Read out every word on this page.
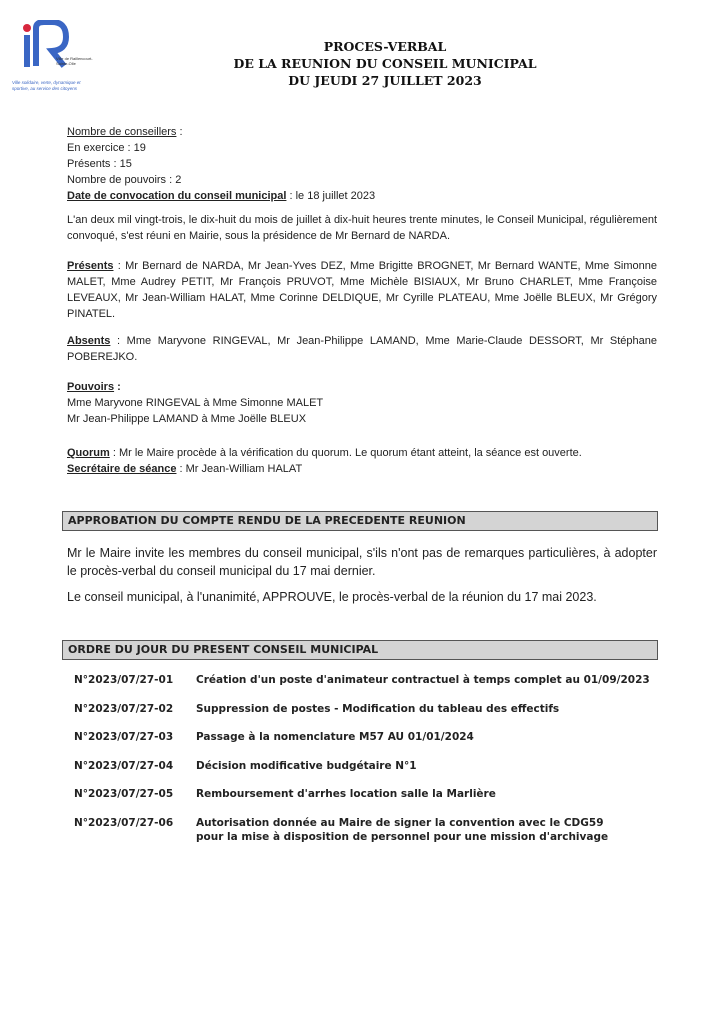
Ville de Raillencourt-Sainte-Olle
Ville solidaire, verte, dynamique et sportive, au service des citoyens
PROCES-VERBAL
DE LA REUNION DU CONSEIL MUNICIPAL
DU JEUDI 27 JUILLET 2023
Nombre de conseillers :
En exercice : 19
Présents : 15
Nombre de pouvoirs : 2
Date de convocation du conseil municipal : le 18 juillet 2023
L'an deux mil vingt-trois, le dix-huit du mois de juillet à dix-huit heures trente minutes, le Conseil Municipal, régulièrement convoqué, s'est réuni en Mairie, sous la présidence de Mr Bernard de NARDA.
Présents : Mr Bernard de NARDA, Mr Jean-Yves DEZ, Mme Brigitte BROGNET, Mr Bernard WANTE, Mme Simonne MALET, Mme Audrey PETIT, Mr François PRUVOT, Mme Michèle BISIAUX, Mr Bruno CHARLET, Mme Françoise LEVEAUX, Mr Jean-William HALAT, Mme Corinne DELDIQUE, Mr Cyrille PLATEAU, Mme Joëlle BLEUX, Mr Grégory PINATEL.
Absents : Mme Maryvone RINGEVAL, Mr Jean-Philippe LAMAND, Mme Marie-Claude DESSORT, Mr Stéphane POBEREJKO.
Pouvoirs :
Mme Maryvone RINGEVAL à Mme Simonne MALET
Mr Jean-Philippe LAMAND à Mme Joëlle BLEUX
Quorum : Mr le Maire procède à la vérification du quorum. Le quorum étant atteint, la séance est ouverte.
Secrétaire de séance : Mr Jean-William HALAT
APPROBATION DU COMPTE RENDU DE LA PRECEDENTE REUNION
Mr le Maire invite les membres du conseil municipal, s'ils n'ont pas de remarques particulières, à adopter le procès-verbal du conseil municipal du 17 mai dernier.
Le conseil municipal, à l'unanimité, APPROUVE, le procès-verbal de la réunion du 17 mai 2023.
ORDRE DU JOUR DU PRESENT CONSEIL MUNICIPAL
N°2023/07/27-01	Création d'un poste d'animateur contractuel à temps complet au 01/09/2023
N°2023/07/27-02	Suppression de postes - Modification du tableau des effectifs
N°2023/07/27-03	Passage à la nomenclature M57 AU 01/01/2024
N°2023/07/27-04	Décision modificative budgétaire N°1
N°2023/07/27-05	Remboursement d'arrhes location salle la Marlière
N°2023/07/27-06	Autorisation donnée au Maire de signer la convention avec le CDG59
pour la mise à disposition de personnel pour une mission d'archivage
